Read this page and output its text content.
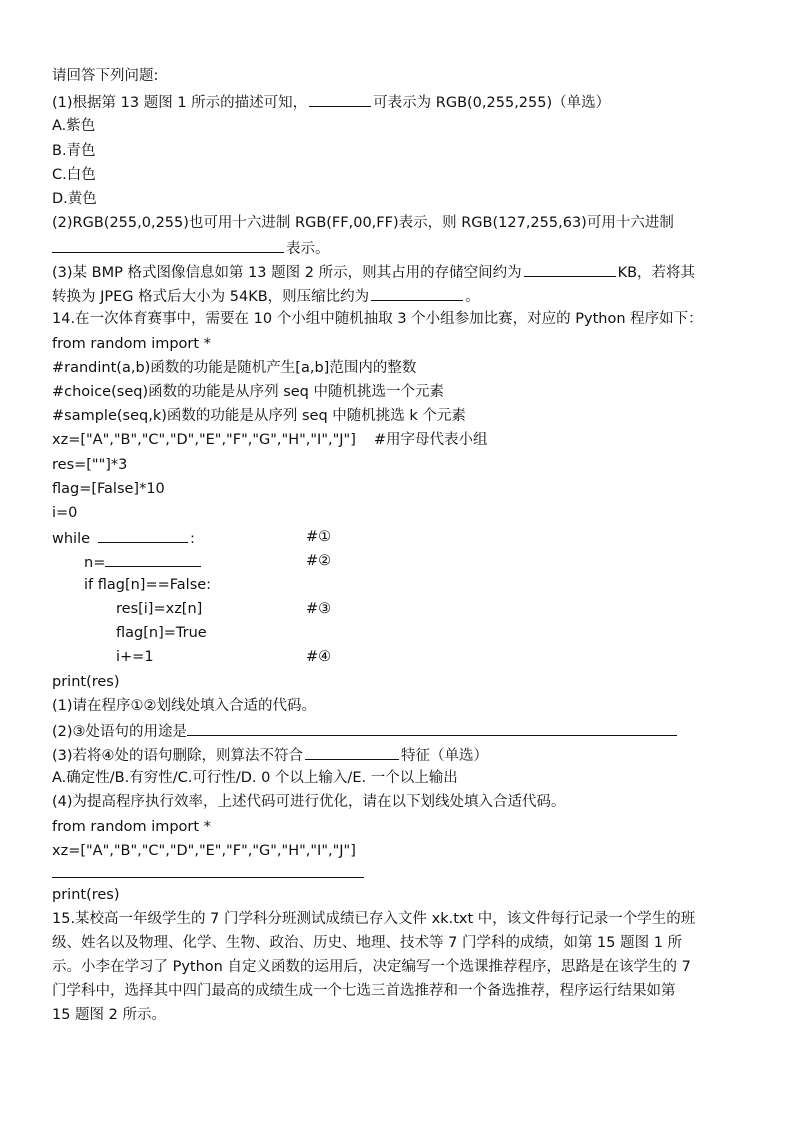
请回答下列问题:
(1)根据第 13 题图 1 所示的描述可知，	可表示为 RGB(0,255,255)（单选）
A.紫色
B.青色
C.白色
D.黄色
(2)RGB(255,0,255)也可用十六进制 RGB(FF,00,FF)表示，则 RGB(127,255,63)可用十六进制
表示。
(3)某 BMP 格式图像信息如第 13 题图 2 所示，则其占用的存储空间约为	KB，若将其
转换为 JPEG 格式后大小为 54KB，则压缩比约为	。
14.在一次体育赛事中，需要在 10 个小组中随机抽取 3 个小组参加比赛，对应的 Python 程序如下：
from random import *
#randint(a,b)函数的功能是随机产生[a,b]范围内的整数
#choice(seq)函数的功能是从序列 seq 中随机挑选一个元素
#sample(seq,k)函数的功能是从序列 seq 中随机挑选 k 个元素
xz=["A","B","C","D","E","F","G","H","I","J"] #用字母代表小组
res=[""]*3
flag=[False]*10
i=0
while	:	#①
n=	#②
if flag[n]==False:
res[i]=xz[n]	#③
flag[n]=True
i+=1	#④
print(res)
(1)请在程序①②划线处填入合适的代码。
(2)③处语句的用途是
(3)若将④处的语句删除，则算法不符合	特征（单选）
A.确定性/B.有穷性/C.可行性/D. 0 个以上输入/E. 一个以上输出
(4)为提高程序执行效率，上述代码可进行优化，请在以下划线处填入合适代码。
from random import *
xz=["A","B","C","D","E","F","G","H","I","J"]
print(res)
15.某校高一年级学生的 7 门学科分班测试成绩已存入文件 xk.txt 中，该文件每行记录一个学生的班
级、姓名以及物理、化学、生物、政治、历史、地理、技术等 7 门学科的成绩，如第 15 题图 1 所
示。小李在学习了 Python 自定义函数的运用后，决定编写一个选课推荐程序，思路是在该学生的 7
门学科中，选择其中四门最高的成绩生成一个七选三首选推荐和一个备选推荐，程序运行结果如第
15 题图 2 所示。
